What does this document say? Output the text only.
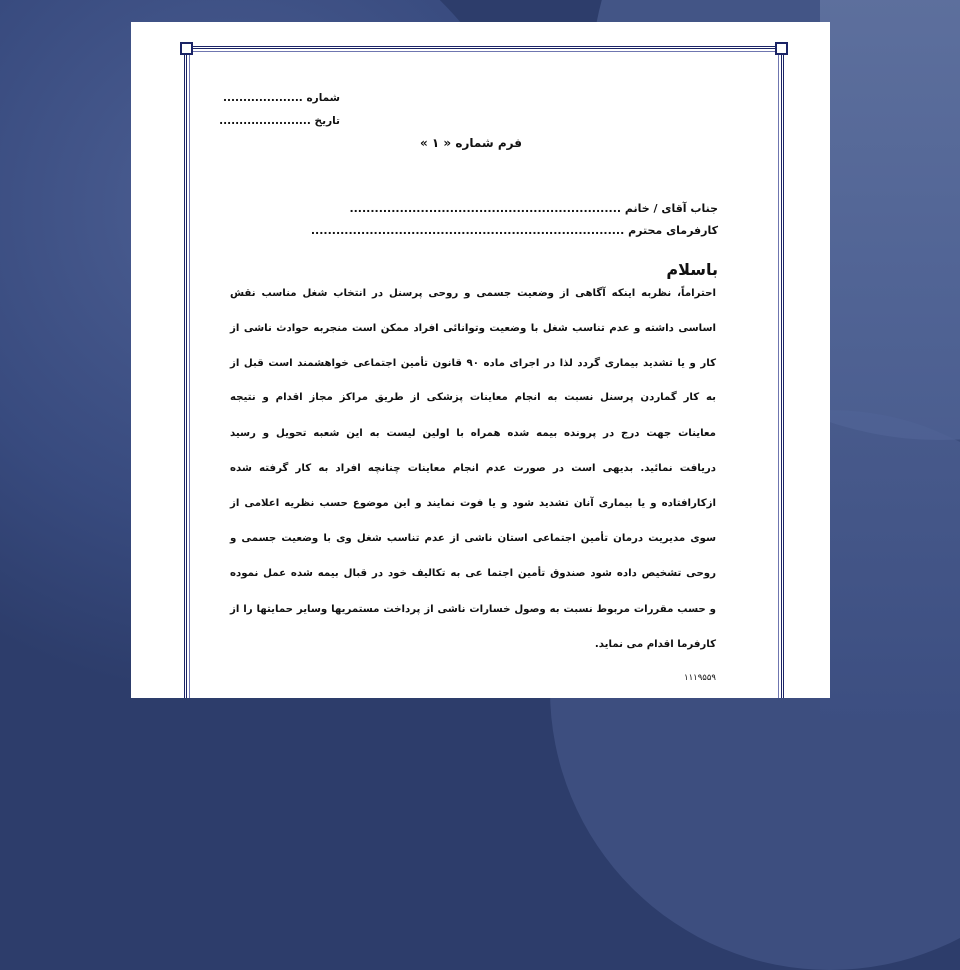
شماره ....................
تاریخ .......................
فرم شماره « ۱ »
جناب آقای / خانم .................................................................
کارفرمای محترم ...........................................................................
باسلام
احتراماً، نظربه اینکه آگاهی از وضعیت جسمی و روحی پرسنل در انتخاب شغل مناسب نقش
اساسی داشته و عدم تناسب شغل با وضعیت وتوانائی افراد ممکن است منجربه حوادث ناشی از
کار و یا تشدید بیماری گردد لذا در اجرای ماده ۹۰ قانون تأمین اجتماعی خواهشمند است قبل از
به کار گماردن پرسنل نسبت به انجام معاینات پزشکی از طریق مراکز مجاز اقدام و نتیجه
معاینات جهت درج در پرونده بیمه شده همراه با اولین لیست به این شعبه تحویل و رسید
دریافت نمائید. بدیهی است در صورت عدم انجام معاینات چنانچه افراد به کار گرفته شده
ازکارافتاده و یا بیماری آنان تشدید شود و یا فوت نمایند و این موضوع حسب نظریه اعلامی از
سوی مدیریت درمان تأمین اجتماعی استان ناشی از عدم تناسب شغل وی با وضعیت جسمی و
روحی تشخیص داده شود صندوق تأمین اجتما عی به تکالیف خود در قبال بیمه شده عمل نموده
و حسب مقررات مربوط نسبت به وصول خسارات ناشی از پرداخت مستمریها وسایر حمایتها را از
کارفرما اقدام می نماید.
۱۱۱۹۵۵۹
